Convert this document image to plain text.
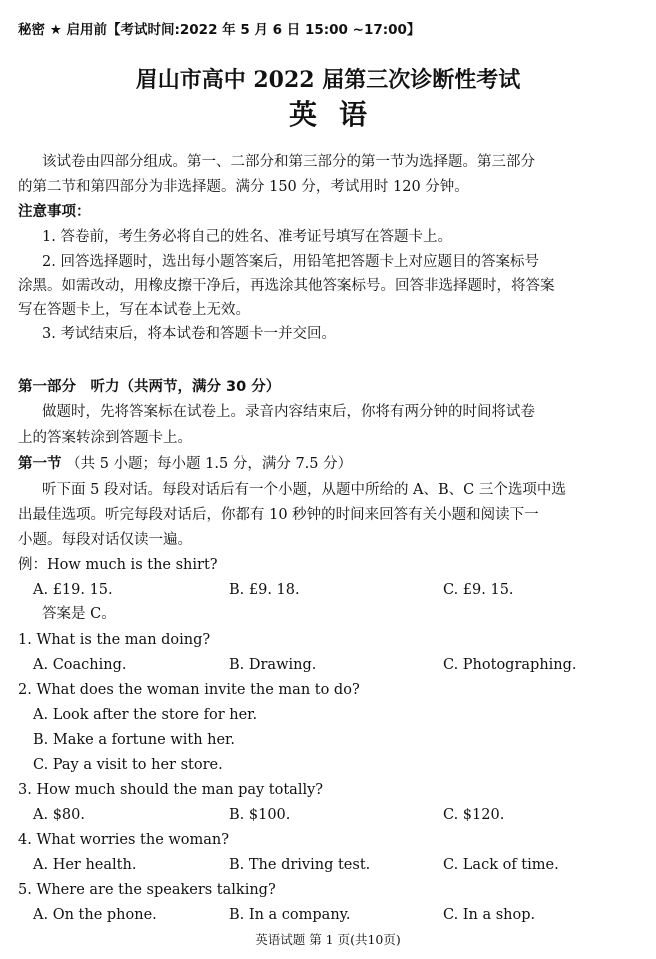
秘密 ★ 启用前【考试时间:2022 年 5 月 6 日 15:00 ~17:00】
眉山市高中 2022 届第三次诊断性考试
英语
该试卷由四部分组成。第一、二部分和第三部分的第一节为选择题。第三部分
的第二节和第四部分为非选择题。满分 150 分，考试用时 120 分钟。
注意事项：
1. 答卷前，考生务必将自己的姓名、准考证号填写在答题卡上。
2. 回答选择题时，选出每小题答案后，用铅笔把答题卡上对应题目的答案标号
涂黑。如需改动，用橡皮擦干净后，再选涂其他答案标号。回答非选择题时，将答案
写在答题卡上，写在本试卷上无效。
3. 考试结束后，将本试卷和答题卡一并交回。
第一部分　听力（共两节，满分 30 分）
做题时，先将答案标在试卷上。录音内容结束后，你将有两分钟的时间将试卷
上的答案转涂到答题卡上。
第一节 （共 5 小题；每小题 1.5 分，满分 7.5 分）
听下面 5 段对话。每段对话后有一个小题，从题中所给的 A、B、C 三个选项中选
出最佳选项。听完每段对话后，你都有 10 秒钟的时间来回答有关小题和阅读下一
小题。每段对话仅读一遍。
例：How much is the shirt?
A. £19. 15.	B. £9. 18.	C. £9. 15.
答案是 C。
1. What is the man doing?
A. Coaching.	B. Drawing.	C. Photographing.
2. What does the woman invite the man to do?
A. Look after the store for her.
B. Make a fortune with her.
C. Pay a visit to her store.
3. How much should the man pay totally?
A. $80.	B. $100.	C. $120.
4. What worries the woman?
A. Her health.	B. The driving test.	C. Lack of time.
5. Where are the speakers talking?
A. On the phone.	B. In a company.	C. In a shop.
英语试题 第 1 页(共10页)
